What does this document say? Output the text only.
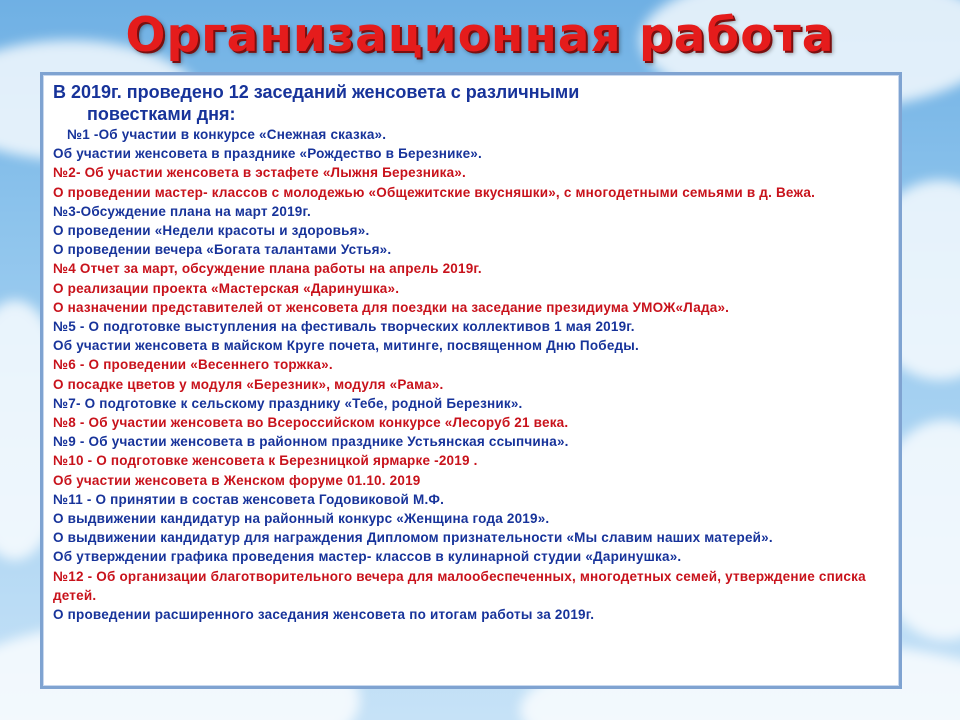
Организационная работа
В 2019г. проведено 12 заседаний женсовета с различными
повестками дня:
№1 -Об участии в конкурсе «Снежная сказка».
Об участии женсовета в празднике «Рождество в Березнике».
№2- Об участии женсовета в эстафете «Лыжня Березника».
О проведении мастер- классов с молодежью «Общежитские вкусняшки», с многодетными семьями в д. Вежа.
№3-Обсуждение плана на март 2019г.
О проведении «Недели красоты и здоровья».
О проведении вечера «Богата талантами Устья».
№4 Отчет за март, обсуждение плана работы на апрель 2019г.
О реализации проекта «Мастерская «Даринушка».
О назначении представителей от женсовета для поездки на заседание президиума УМОЖ«Лада».
№5 - О подготовке выступления на фестиваль творческих коллективов 1 мая 2019г.
Об участии женсовета в майском Круге почета, митинге, посвященном Дню Победы.
№6 - О проведении «Весеннего торжка».
О посадке цветов у модуля «Березник», модуля «Рама».
№7- О подготовке к сельскому празднику «Тебе, родной Березник».
№8 - Об участии женсовета во Всероссийском конкурсе «Лесоруб 21 века.
№9 - Об участии женсовета в районном празднике Устьянская ссыпчина».
№10 - О подготовке женсовета к Березницкой ярмарке -2019 .
Об участии женсовета в Женском форуме 01.10. 2019
№11 - О принятии в состав женсовета Годовиковой М.Ф.
О выдвижении кандидатур на районный конкурс «Женщина года 2019».
О выдвижении кандидатур для награждения Дипломом признательности «Мы славим наших матерей».
Об утверждении графика проведения мастер- классов в кулинарной студии «Даринушка».
№12 - Об организации благотворительного вечера для малообеспеченных, многодетных семей, утверждение списка детей.
О проведении расширенного заседания женсовета по итогам работы за 2019г.
